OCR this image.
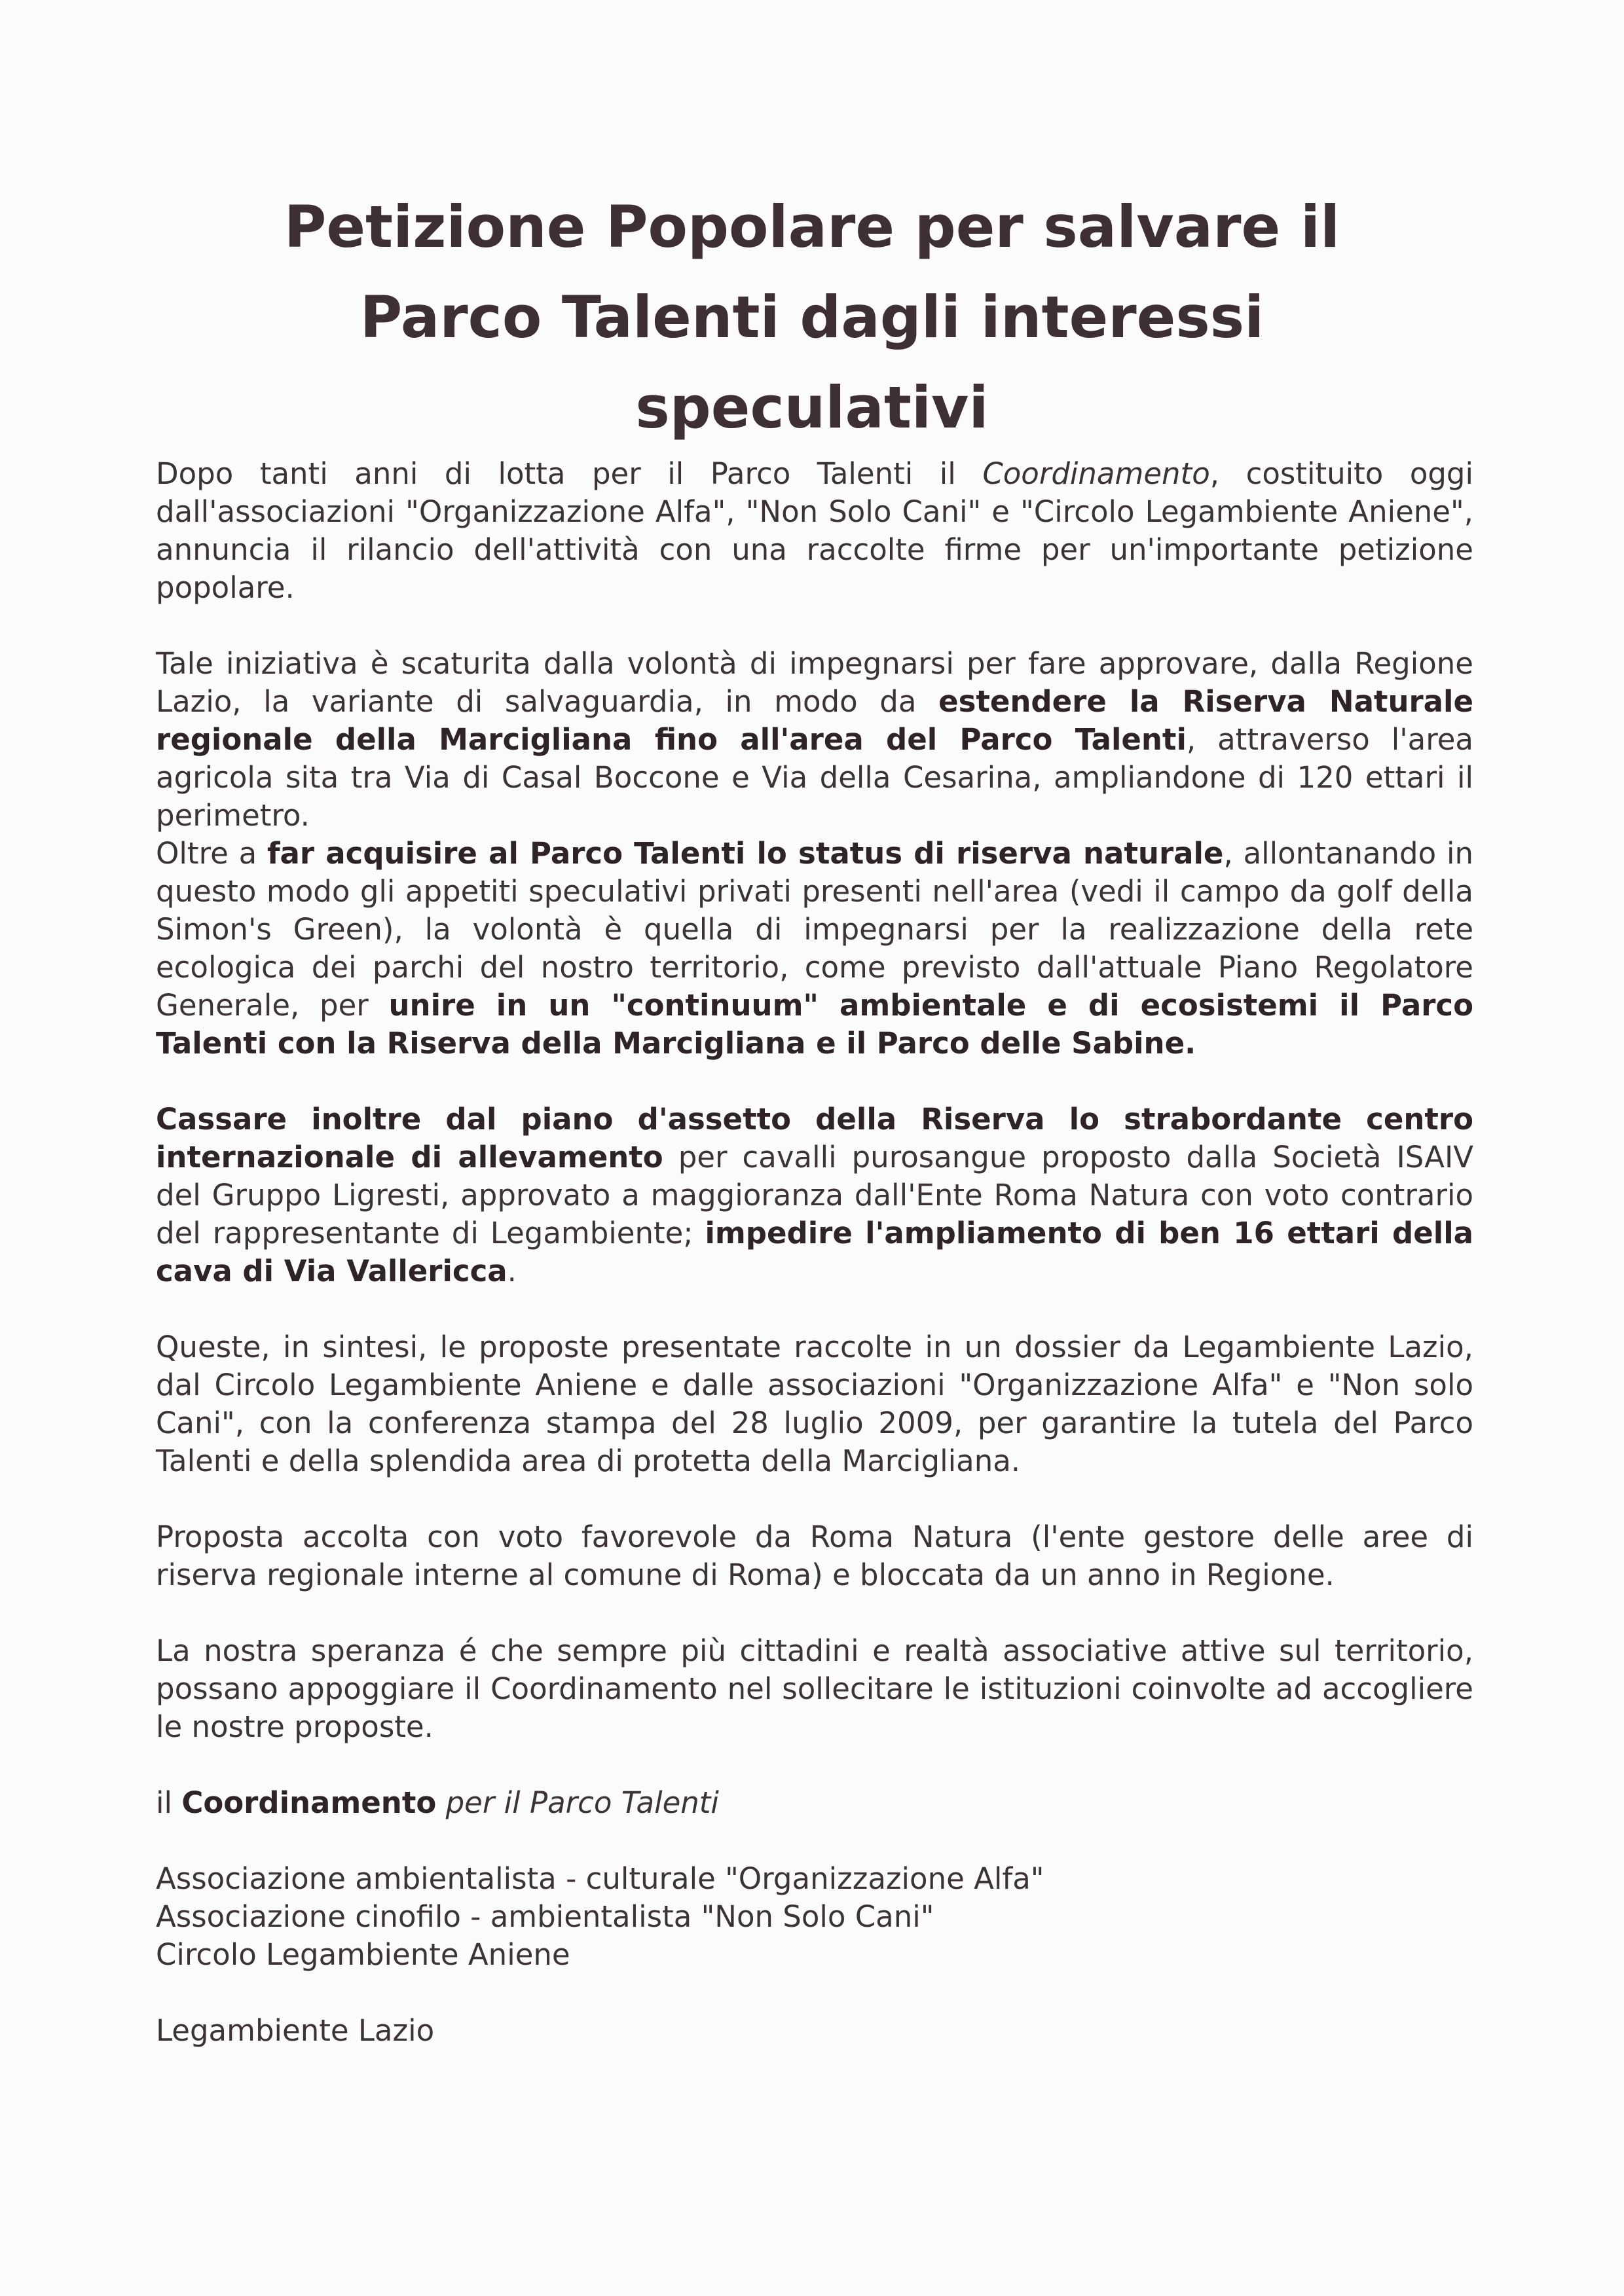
Petizione Popolare per salvare il
Parco Talenti dagli interessi
speculativi

Dopo tanti anni di lotta per il Parco Talenti il Coordinamento, costituito oggi dall'associazioni "Organizzazione Alfa", "Non Solo Cani" e "Circolo Legambiente Aniene", annuncia il rilancio dell'attività con una raccolte firme per un'importante petizione popolare.

Tale iniziativa è scaturita dalla volontà di impegnarsi per fare approvare, dalla Regione Lazio, la variante di salvaguardia, in modo da estendere la Riserva Naturale regionale della Marcigliana fino all'area del Parco Talenti, attraverso l'area agricola sita tra Via di Casal Boccone e Via della Cesarina, ampliandone di 120 ettari il perimetro.

Oltre a far acquisire al Parco Talenti lo status di riserva naturale, allontanando in questo modo gli appetiti speculativi privati presenti nell'area (vedi il campo da golf della Simon's Green), la volontà è quella di impegnarsi per la realizzazione della rete ecologica dei parchi del nostro territorio, come previsto dall'attuale Piano Regolatore Generale, per unire in un "continuum" ambientale e di ecosistemi il Parco Talenti con la Riserva della Marcigliana e il Parco delle Sabine.

Cassare inoltre dal piano d'assetto della Riserva lo strabordante centro internazionale di allevamento per cavalli purosangue proposto dalla Società ISAIV del Gruppo Ligresti, approvato a maggioranza dall'Ente Roma Natura con voto contrario del rappresentante di Legambiente; impedire l'ampliamento di ben 16 ettari della cava di Via Vallericca.

Queste, in sintesi, le proposte presentate raccolte in un dossier da Legambiente Lazio, dal Circolo Legambiente Aniene e dalle associazioni "Organizzazione Alfa" e "Non solo Cani", con la conferenza stampa del 28 luglio 2009, per garantire la tutela del Parco Talenti e della splendida area di protetta della Marcigliana.

Proposta accolta con voto favorevole da Roma Natura (l'ente gestore delle aree di riserva regionale interne al comune di Roma) e bloccata da un anno in Regione.

La nostra speranza é che sempre più cittadini e realtà associative attive sul territorio, possano appoggiare il Coordinamento nel sollecitare le istituzioni coinvolte ad accogliere le nostre proposte.

il Coordinamento per il Parco Talenti

Associazione ambientalista - culturale "Organizzazione Alfa"
Associazione cinofilo - ambientalista "Non Solo Cani"
Circolo Legambiente Aniene

Legambiente Lazio
